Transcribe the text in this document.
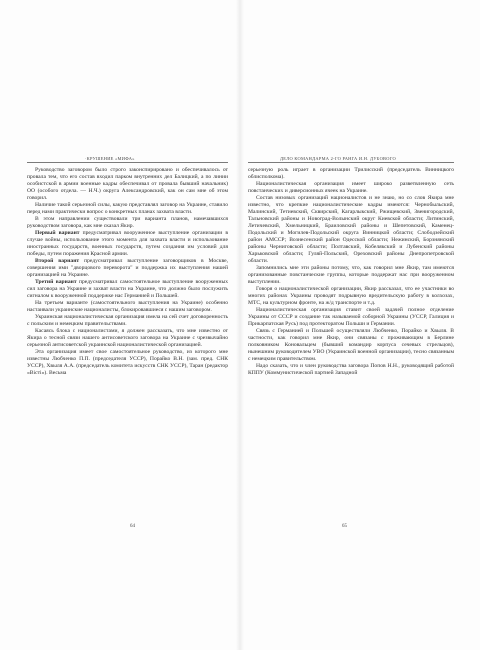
·КРУШЕНИЕ «МИФА»

Руководство заговором было строго законспирировано и обеспечивалось от провала тем, что его состав входил парком внутренних дел Балицкий, а по линии особистской в армии военные кадры обеспечивал от провала бывший начальник) ОО (особого отдела. — Н.Ч.) округа Александровский, как он сам мне об этом говорил.

Наличие такой серьезной силы, какую представлял заговор на Украине, ставило перед нами практически вопрос о конкретных планах захвата власти.

В этом направлении существовали три варианта планов, намечавшихся руководством заговора, как мне сказал Якир.

Первый вариант предусматривал вооруженное выступление организации в случае войны, использование этого момента для захвата власти и использование иностранных государств, военных государств, путем создания им условий для победы, путем поражения Красной армии.

Второй вариант предусматривал выступление заговорщиков в Москве, совершения ими "дворцового переворота" и поддержка их выступления нашей организацией на Украине.

Третий вариант предусматривал самостоятельное выступление вооруженных сил заговора на Украине и захват власти на Украине, что должно было послужить сигналом к вооруженной поддержке нас Германией и Польшей.

На третьем варианте (самостоятельного выступления на Украине) особенно настаивали украинские националисты, блокировавшиеся с нашим заговором.

Украинская националистическая организация имела на сей счет договоренность с польским и немецким правительствами.

Касаясь блока с националистами, я должен рассказать, что мне известно от Якира о тесной связи нашего антисоветского заговора на Украине с чрезвычайно серьезной антисоветской украинской националистической организацией.

Эта организация имеет свое самостоятельное руководство, из которого мне известны Любченко П.П. (председателя УССР), Порайко В.Н. (зам. пред. СНК УССР), Хвыля А.А. (председатель комитета искусств СНК УССР), Таран (редактор «Вісті»). Весьма

64
ДЕЛО КОМАНДАРМА 2-ГО РАНГА И.Н. ДУБОВОГО

серьезную роль играет в организации Трилисский (председатель Винницкого облисполкома).

Националистическая организация имеет широко разветвленную сеть повстанческих и диверсионных ячеек на Украине.

Состав низовых организаций националистов и не знаю, но со слов Якира мне известно, что крепкие националистические кадры имеются: Чернобыльский, Малинский, Тетиевский, Сквирский, Кагарлыкский, Ржищевский, Звенигородский, Тальновский районы и Новоград-Волынский округ Киевской области; Литинский, Летичевский, Хмельницкий, Браиловский районы и Шепетовский, Каменец-Подольский и Могилев-Подольский округа Винницкой области; Слободзейский район АМССР; Вознесенский район Одесской области; Нежинский, Борзнянский районы Черниговской области; Полтавский, Кобелякский и Лубенский районы Харьковской области; Гуляй-Польский, Ореховский районы Днепропетровской области.

Запомнились мне эти районы потому, что, как говорил мне Якир, там имеются организованные повстанческие группы, которые поддержат нас при вооруженном выступлении.

Говоря о националистической организации, Якир рассказал, что ее участники во многих районах Украины проводят подрывную вредительскую работу в колхозах, МТС, на культурном фронте, на ж/д транспорте и т.д.

Националистическая организация ставит своей задачей полное отделение Украины от СССР и создание так называемой соборной Украины (УССР, Галиция и Прикарпатская Русь) под протекторатом Польши и Германии.

Связь с Германией и Польшей осуществляли Любченко, Порайко и Хвыля. В частности, как говорил мне Якир, они связаны с проживающим в Берлине полковником Коновальцем (бывший командир корпуса сечевых стрельцов), нынешним руководителем УВО (Украинской военной организации), тесно связанным с немецким правительством.

Надо сказать, что и член руководства заговора Попов Н.Н., руководящий работой КППУ (Коммунистической партией Западной

65
